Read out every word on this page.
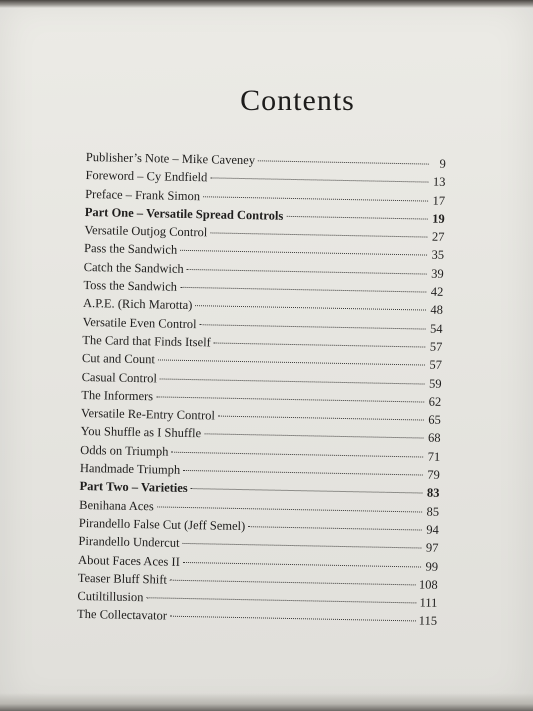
Contents
Publisher’s Note – Mike Caveney	9
Foreword – Cy Endfield	13
Preface – Frank Simon	17
Part One – Versatile Spread Controls	19
Versatile Outjog Control	27
Pass the Sandwich	35
Catch the Sandwich	39
Toss the Sandwich	42
A.P.E. (Rich Marotta)	48
Versatile Even Control	54
The Card that Finds Itself	57
Cut and Count	57
Casual Control	59
The Informers	62
Versatile Re-Entry Control	65
You Shuffle as I Shuffle	68
Odds on Triumph	71
Handmade Triumph	79
Part Two – Varieties	83
Benihana Aces	85
Pirandello False Cut (Jeff Semel)	94
Pirandello Undercut	97
About Faces Aces II	99
Teaser Bluff Shift	108
Cutiltillusion	111
The Collectavator	115
